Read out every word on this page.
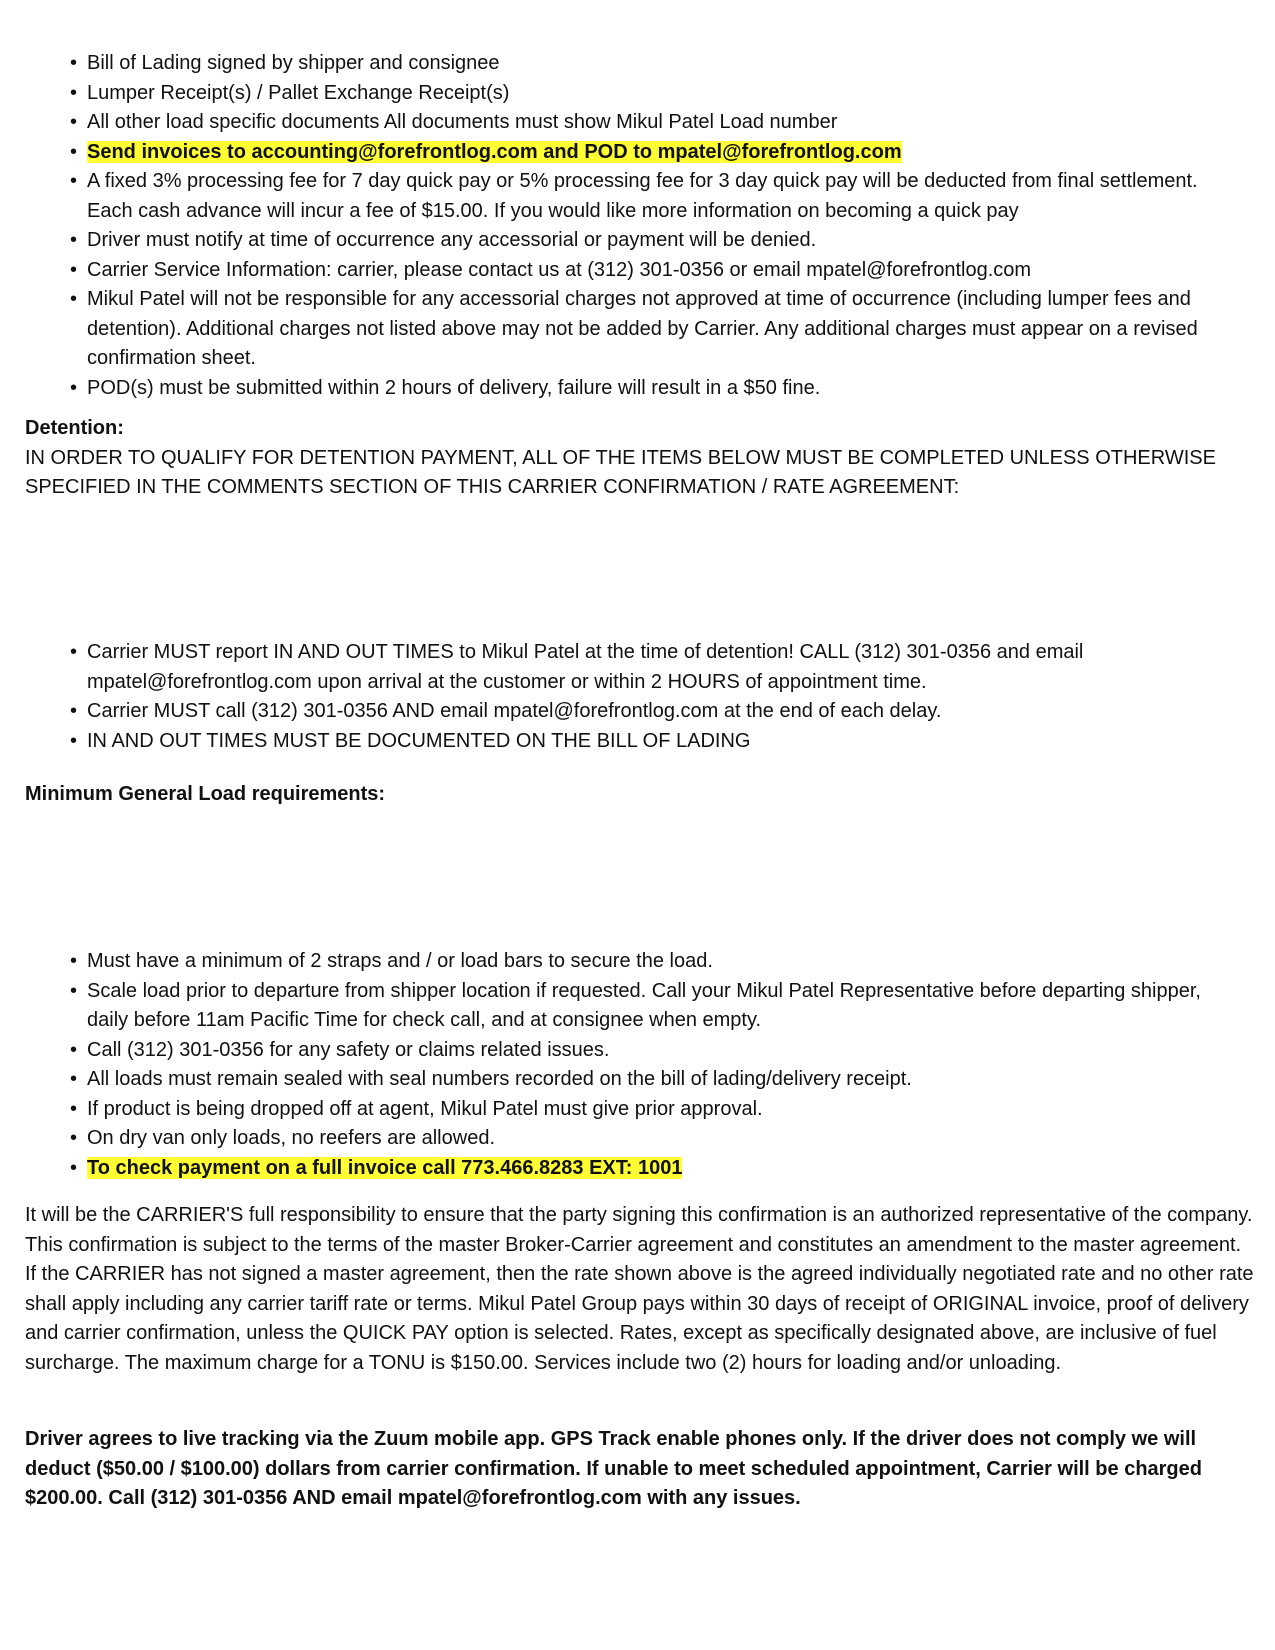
• Bill of Lading signed by shipper and consignee
• Lumper Receipt(s) / Pallet Exchange Receipt(s)
• All other load specific documents All documents must show Mikul Patel Load number
• Send invoices to accounting@forefrontlog.com and POD to mpatel@forefrontlog.com
• A fixed 3% processing fee for 7 day quick pay or 5% processing fee for 3 day quick pay will be deducted from final settlement. Each cash advance will incur a fee of $15.00. If you would like more information on becoming a quick pay
• Driver must notify at time of occurrence any accessorial or payment will be denied.
• Carrier Service Information: carrier, please contact us at (312) 301-0356 or email mpatel@forefrontlog.com
• Mikul Patel will not be responsible for any accessorial charges not approved at time of occurrence (including lumper fees and detention). Additional charges not listed above may not be added by Carrier. Any additional charges must appear on a revised confirmation sheet.
• POD(s) must be submitted within 2 hours of delivery, failure will result in a $50 fine.
Detention:
IN ORDER TO QUALIFY FOR DETENTION PAYMENT, ALL OF THE ITEMS BELOW MUST BE COMPLETED UNLESS OTHERWISE SPECIFIED IN THE COMMENTS SECTION OF THIS CARRIER CONFIRMATION / RATE AGREEMENT:
• Carrier MUST report IN AND OUT TIMES to Mikul Patel at the time of detention! CALL (312) 301-0356 and email mpatel@forefrontlog.com upon arrival at the customer or within 2 HOURS of appointment time.
• Carrier MUST call (312) 301-0356 AND email mpatel@forefrontlog.com at the end of each delay.
• IN AND OUT TIMES MUST BE DOCUMENTED ON THE BILL OF LADING
Minimum General Load requirements:
• Must have a minimum of 2 straps and / or load bars to secure the load.
• Scale load prior to departure from shipper location if requested. Call your Mikul Patel Representative before departing shipper, daily before 11am Pacific Time for check call, and at consignee when empty.
• Call (312) 301-0356 for any safety or claims related issues.
• All loads must remain sealed with seal numbers recorded on the bill of lading/delivery receipt.
• If product is being dropped off at agent, Mikul Patel must give prior approval.
• On dry van only loads, no reefers are allowed.
• To check payment on a full invoice call 773.466.8283 EXT: 1001
It will be the CARRIER'S full responsibility to ensure that the party signing this confirmation is an authorized representative of the company. This confirmation is subject to the terms of the master Broker-Carrier agreement and constitutes an amendment to the master agreement. If the CARRIER has not signed a master agreement, then the rate shown above is the agreed individually negotiated rate and no other rate shall apply including any carrier tariff rate or terms. Mikul Patel Group pays within 30 days of receipt of ORIGINAL invoice, proof of delivery and carrier confirmation, unless the QUICK PAY option is selected. Rates, except as specifically designated above, are inclusive of fuel surcharge. The maximum charge for a TONU is $150.00. Services include two (2) hours for loading and/or unloading.
Driver agrees to live tracking via the Zuum mobile app. GPS Track enable phones only. If the driver does not comply we will deduct ($50.00 / $100.00) dollars from carrier confirmation. If unable to meet scheduled appointment, Carrier will be charged $200.00. Call (312) 301-0356 AND email mpatel@forefrontlog.com with any issues.
